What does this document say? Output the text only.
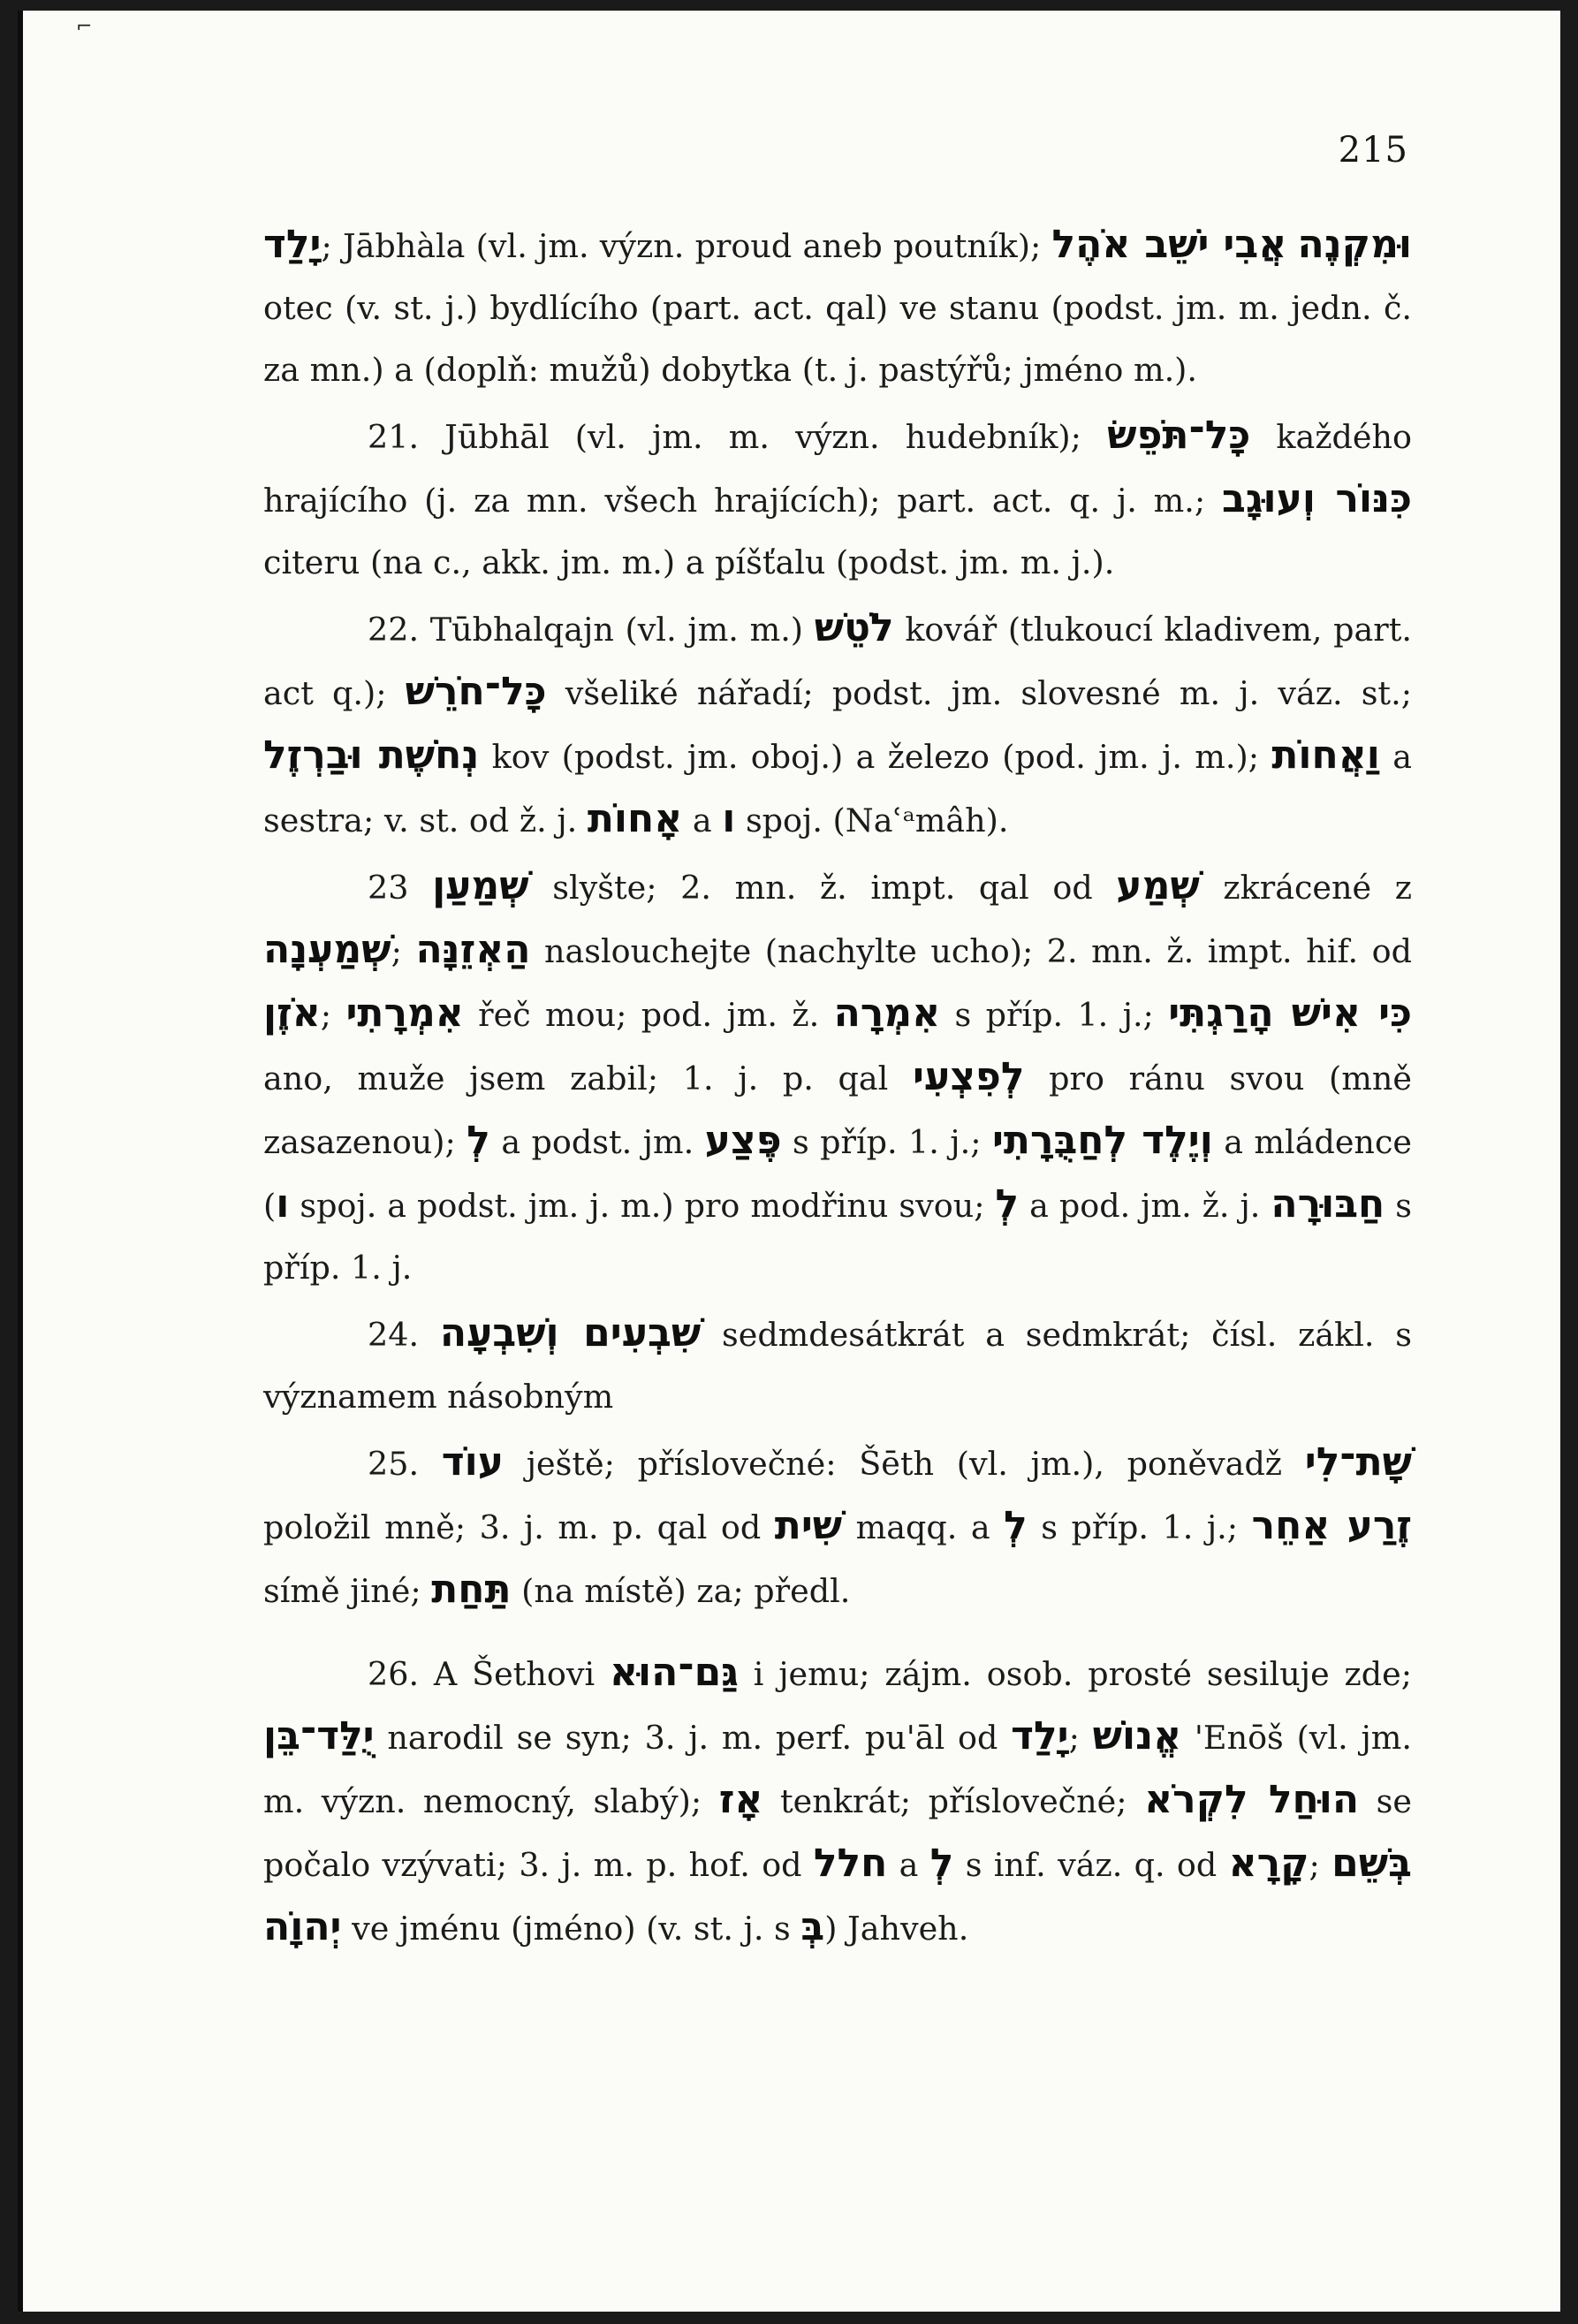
⌐
215

יָלַד; Jābhàla (vl. jm. význ. proud aneb poutník); אֲבִי יֹשֵׁב אֹהֶל וּמִקְנֶה otec (v. st. j.) bydlícího (part. act. qal) ve stanu (podst. jm. m. jedn. č. za mn.) a (doplň: mužů) dobytka (t. j. pastýřů; jméno m.).

21. Jūbhāl (vl. jm. m. význ. hudebník); כָּל־תֹּפֵשׂ každého hrajícího (j. za mn. všech hrajících); part. act. q. j. m.; כִּנּוֹר וְעוּגָב citeru (na c., akk. jm. m.) a píšťalu (podst. jm. m. j.).

22. Tūbhalqajn (vl. jm. m.) לֹטֵשׁ kovář (tlukoucí kladivem, part. act q.); כָּל־חֹרֵשׁ všeliké nářadí; podst. jm. slovesné m. j. váz. st.; נְחֹשֶׁת וּבַרְזֶל kov (podst. jm. oboj.) a železo (pod. jm. j. m.); וַאֲחוֹת a sestra; v. st. od ž. j. אָחוֹת a ו spoj. (Naʿᵃmâh).

23 שְׁמַעַן slyšte; 2. mn. ž. impt. qal od שְׁמַע zkrácené z שְׁמַעְנָה; הַאְזֵנָּה naslouchejte (nachylte ucho); 2. mn. ž. impt. hif. od אֹזֶן; אִמְרָתִי řeč mou; pod. jm. ž. אִמְרָה s příp. 1. j.; כִּי אִישׁ הָרַגְתִּי ano, muže jsem zabil; 1. j. p. qal לְפִצְעִי pro ránu svou (mně zasazenou); לְ a podst. jm. פֶּצַע s příp. 1. j.; וְיֶלֶד לְחַבֻּרָתִי a mládence (ו spoj. a podst. jm. j. m.) pro modřinu svou; לְ a pod. jm. ž. j. חַבּוּרָה s příp. 1. j.

24. שִׁבְעִים וְשִׁבְעָה sedmdesátkrát a sedmkrát; čísl. zákl. s významem násobným

25. עוֹד ještě; příslovečné: Šēth (vl. jm.), poněvadž שָׁת־לִי položil mně; 3. j. m. p. qal od שִׁית maqq. a לְ s příp. 1. j.; זֶרַע אַחֵר símě jiné; תַּחַת (na místě) za; předl.

26. A Šethovi גַּם־הוּא i jemu; zájm. osob. prosté sesiluje zde; יֻלַּד־בֵּן narodil se syn; 3. j. m. perf. pu'āl od יָלַד; אֱנוֹשׁ 'Enōš (vl. jm. m. význ. nemocný, slabý); אָז tenkrát; příslovečné; הוּחַל לִקְרֹא se počalo vzývati; 3. j. m. p. hof. od חלל a לְ s inf. váz. q. od קָרָא; בְּשֵׁם יְהוָֹה ve jménu (jméno) (v. st. j. s בְּ) Jahveh.
